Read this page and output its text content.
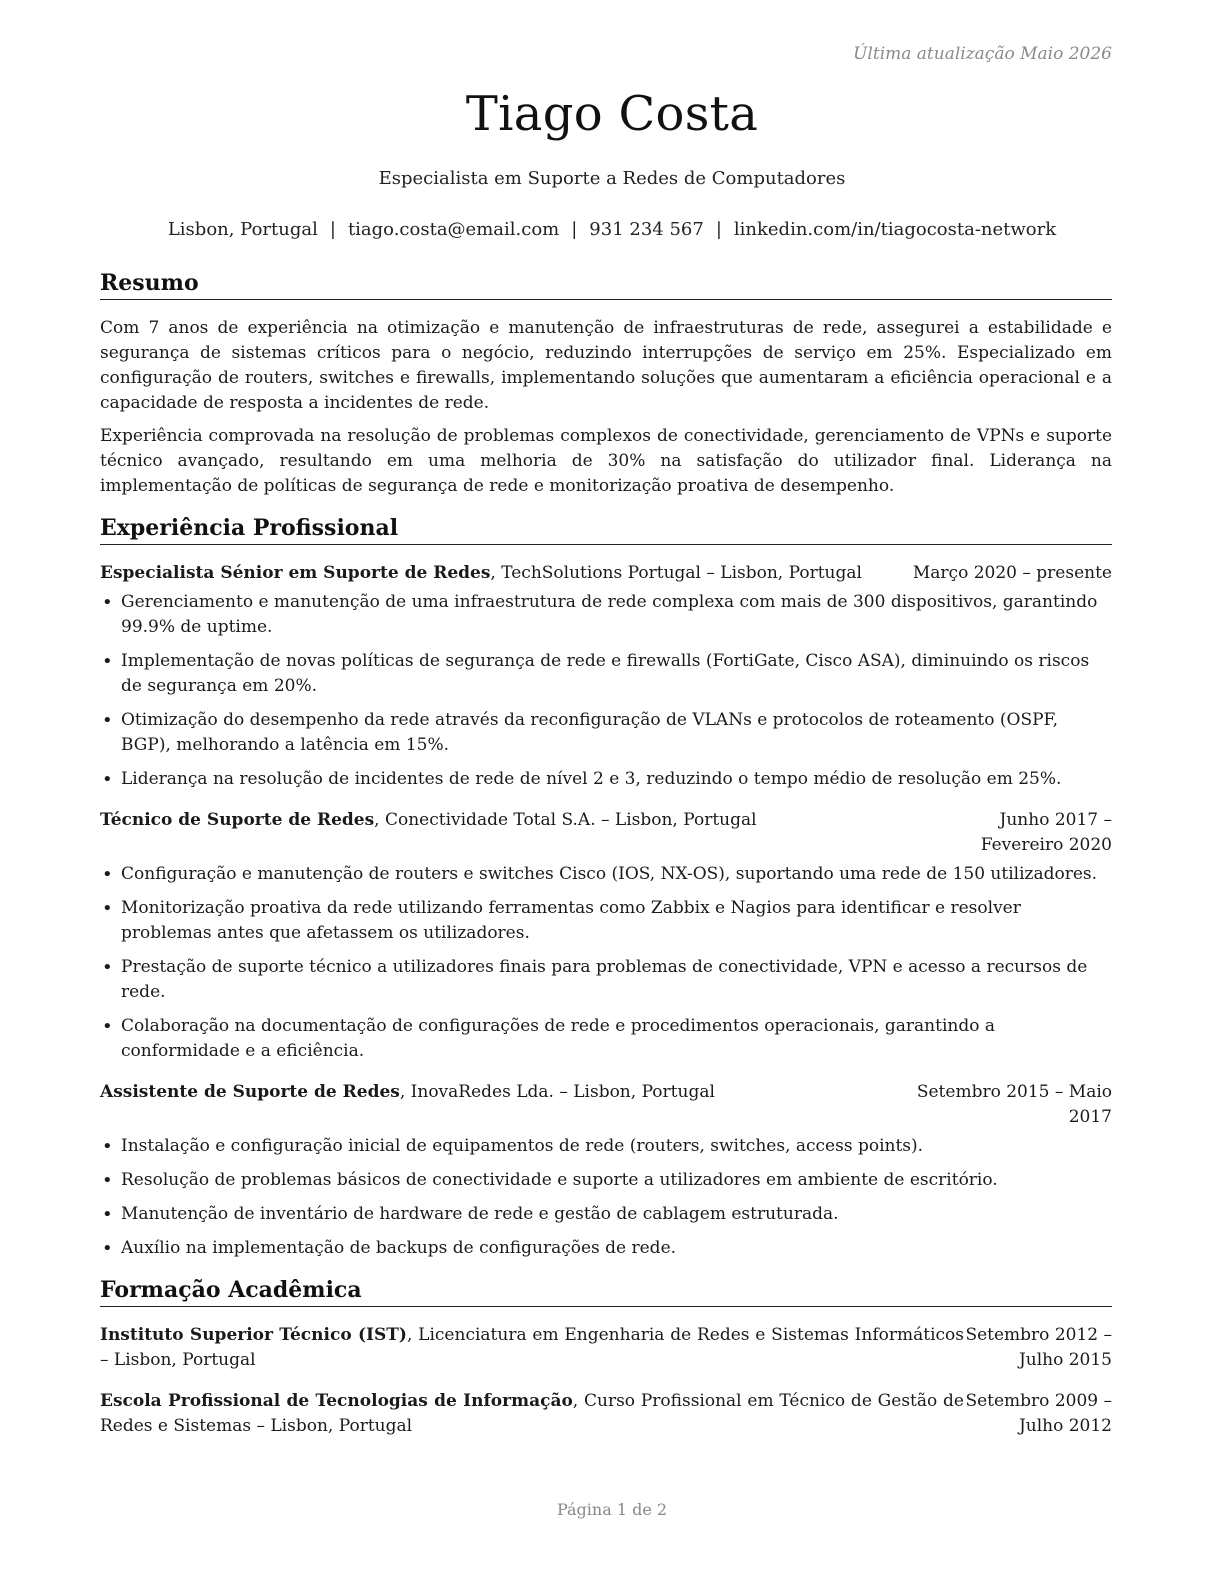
Última atualização Maio 2026
Tiago Costa
Especialista em Suporte a Redes de Computadores
Lisbon, Portugal | tiago.costa@email.com | 931 234 567 | linkedin.com/in/tiagocosta-network
Resumo
Com 7 anos de experiência na otimização e manutenção de infraestruturas de rede, assegurei a estabilidade e segurança de sistemas críticos para o negócio, reduzindo interrupções de serviço em 25%. Especializado em configuração de routers, switches e firewalls, implementando soluções que aumentaram a eficiência operacional e a capacidade de resposta a incidentes de rede.
Experiência comprovada na resolução de problemas complexos de conectividade, gerenciamento de VPNs e suporte técnico avançado, resultando em uma melhoria de 30% na satisfação do utilizador final. Liderança na implementação de políticas de segurança de rede e monitorização proativa de desempenho.
Experiência Profissional
Especialista Sénior em Suporte de Redes, TechSolutions Portugal – Lisbon, Portugal	Março 2020 – presente
• Gerenciamento e manutenção de uma infraestrutura de rede complexa com mais de 300 dispositivos, garantindo 99.9% de uptime.
• Implementação de novas políticas de segurança de rede e firewalls (FortiGate, Cisco ASA), diminuindo os riscos de segurança em 20%.
• Otimização do desempenho da rede através da reconfiguração de VLANs e protocolos de roteamento (OSPF, BGP), melhorando a latência em 15%.
• Liderança na resolução de incidentes de rede de nível 2 e 3, reduzindo o tempo médio de resolução em 25%.
Técnico de Suporte de Redes, Conectividade Total S.A. – Lisbon, Portugal	Junho 2017 – Fevereiro 2020
• Configuração e manutenção de routers e switches Cisco (IOS, NX-OS), suportando uma rede de 150 utilizadores.
• Monitorização proativa da rede utilizando ferramentas como Zabbix e Nagios para identificar e resolver problemas antes que afetassem os utilizadores.
• Prestação de suporte técnico a utilizadores finais para problemas de conectividade, VPN e acesso a recursos de rede.
• Colaboração na documentação de configurações de rede e procedimentos operacionais, garantindo a conformidade e a eficiência.
Assistente de Suporte de Redes, InovaRedes Lda. – Lisbon, Portugal	Setembro 2015 – Maio 2017
• Instalação e configuração inicial de equipamentos de rede (routers, switches, access points).
• Resolução de problemas básicos de conectividade e suporte a utilizadores em ambiente de escritório.
• Manutenção de inventário de hardware de rede e gestão de cablagem estruturada.
• Auxílio na implementação de backups de configurações de rede.
Formação Acadêmica
Instituto Superior Técnico (IST), Licenciatura em Engenharia de Redes e Sistemas Informáticos – Lisbon, Portugal
Setembro 2012 – Julho 2015
Escola Profissional de Tecnologias de Informação, Curso Profissional em Técnico de Gestão de Redes e Sistemas – Lisbon, Portugal
Setembro 2009 – Julho 2012
Página 1 de 2
